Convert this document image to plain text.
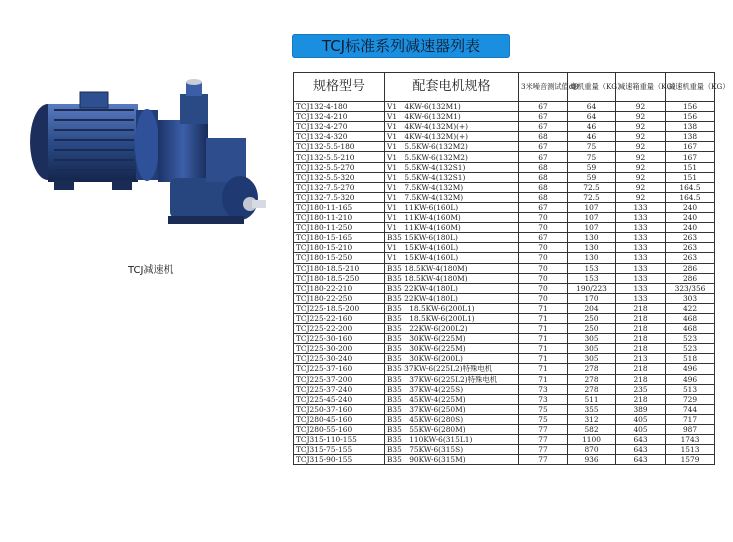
TCJ标准系列减速器列表
TCJ减速机
规格型号	配套电机规格	3米噪音测试值dB	电机重量（KG）	减速箱重量（KG）	减速机重量（KG）
TCJ132-4-180	V1　4KW-6(132M1)	67	64	92	156
TCJ132-4-210	V1　4KW-6(132M1)	67	64	92	156
TCJ132-4-270	V1　4KW-4(132M)(+)	67	46	92	138
TCJ132-4-320	V1　4KW-4(132M)(+)	68	46	92	138
TCJ132-5.5-180	V1　5.5KW-6(132M2)	67	75	92	167
TCJ132-5.5-210	V1　5.5KW-6(132M2)	67	75	92	167
TCJ132-5.5-270	V1　5.5KW-4(132S1)	68	59	92	151
TCJ132-5.5-320	V1　5.5KW-4(132S1)	68	59	92	151
TCJ132-7.5-270	V1　7.5KW-4(132M)	68	72.5	92	164.5
TCJ132-7.5-320	V1　7.5KW-4(132M)	68	72.5	92	164.5
TCJ180-11-165	V1　11KW-6(160L)	67	107	133	240
TCJ180-11-210	V1　11KW-4(160M)	70	107	133	240
TCJ180-11-250	V1　11KW-4(160M)	70	107	133	240
TCJ180-15-165	B35 15KW-6(180L)	67	130	133	263
TCJ180-15-210	V1　15KW-4(160L)	70	130	133	263
TCJ180-15-250	V1　15KW-4(160L)	70	130	133	263
TCJ180-18.5-210	B35 18.5KW-4(180M)	70	153	133	286
TCJ180-18.5-250	B35 18.5KW-4(180M)	70	153	133	286
TCJ180-22-210	B35 22KW-4(180L)	70	190/223	133	323/356
TCJ180-22-250	B35 22KW-4(180L)	70	170	133	303
TCJ225-18.5-200	B35　18.5KW-6(200L1)	71	204	218	422
TCJ225-22-160	B35　18.5KW-6(200L1)	71	250	218	468
TCJ225-22-200	B35　22KW-6(200L2)	71	250	218	468
TCJ225-30-160	B35　30KW-6(225M)	71	305	218	523
TCJ225-30-200	B35　30KW-6(225M)	71	305	218	523
TCJ225-30-240	B35　30KW-6(200L)	71	305	213	518
TCJ225-37-160	B35 37KW-6(225L2)特殊电机	71	278	218	496
TCJ225-37-200	B35　37KW-6(225L2)特殊电机	71	278	218	496
TCJ225-37-240	B35　37KW-4(225S)	73	278	235	513
TCJ225-45-240	B35　45KW-4(225M)	73	511	218	729
TCJ250-37-160	B35　37KW-6(250M)	75	355	389	744
TCJ280-45-160	B35　45KW-6(280S)	75	312	405	717
TCJ280-55-160	B35　55KW-6(280M)	77	582	405	987
TCJ315-110-155	B35　110KW-6(315L1)	77	1100	643	1743
TCJ315-75-155	B35　75KW-6(315S)	77	870	643	1513
TCJ315-90-155	B35　90KW-6(315M)	77	936	643	1579
